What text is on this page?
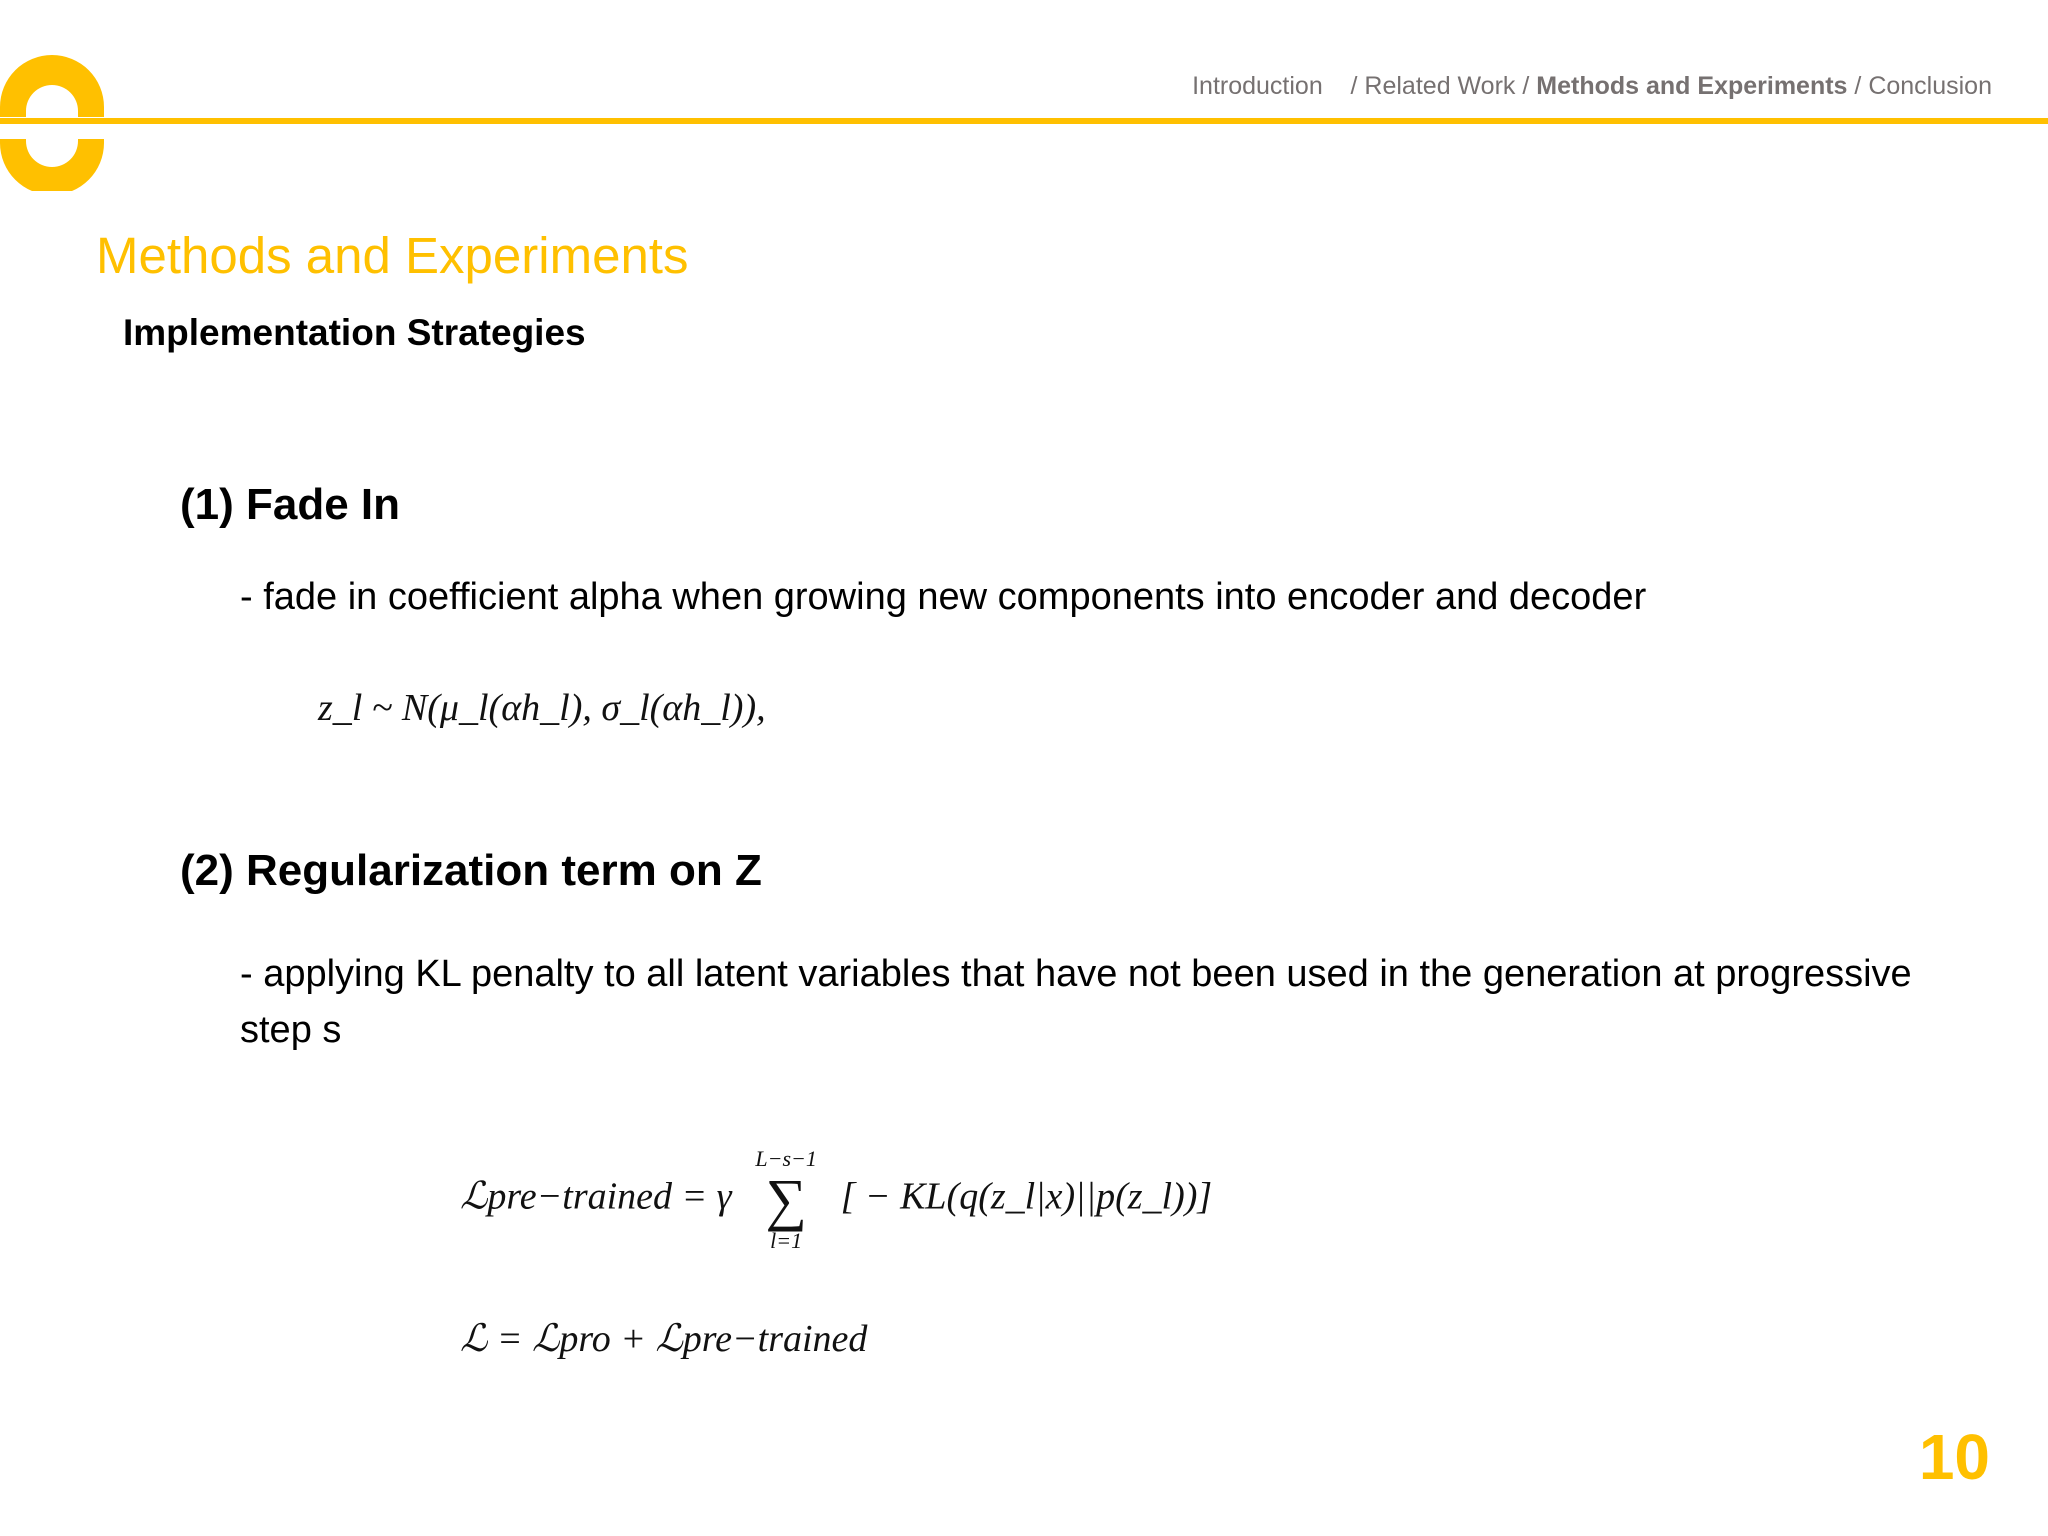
Introduction    / Related Work / Methods and Experiments / Conclusion
Methods and Experiments
Implementation Strategies
(1) Fade In
- fade in coefficient alpha when growing new components into encoder and decoder
z_l ~ N(μ_l(αh_l), σ_l(αh_l)),
(2) Regularization term on Z
- applying KL penalty to all latent variables that have not been used in the generation at progressive step s
ℒpre−trained = γ
L−s−1
∑
l=1
[ − KL(q(z_l|x)||p(z_l))]
ℒ = ℒpro + ℒpre−trained
10
